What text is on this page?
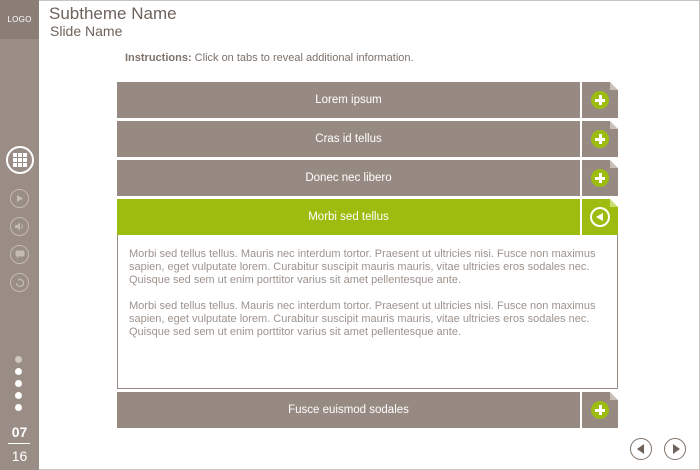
LOGO
07
16
Subtheme Name
Slide Name
Instructions: Click on tabs to reveal additional information.
Lorem ipsum
Cras id tellus
Donec nec libero
Morbi sed tellus

Morbi sed tellus tellus. Mauris nec interdum tortor. Praesent ut ultricies nisi. Fusce non maximus sapien, eget vulputate lorem. Curabitur suscipit mauris mauris, vitae ultricies eros sodales nec. Quisque sed sem ut enim porttitor varius sit amet pellentesque ante.

Morbi sed tellus tellus. Mauris nec interdum tortor. Praesent ut ultricies nisi. Fusce non maximus sapien, eget vulputate lorem. Curabitur suscipit mauris mauris, vitae ultricies eros sodales nec. Quisque sed sem ut enim porttitor varius sit amet pellentesque ante.

Fusce euismod sodales
